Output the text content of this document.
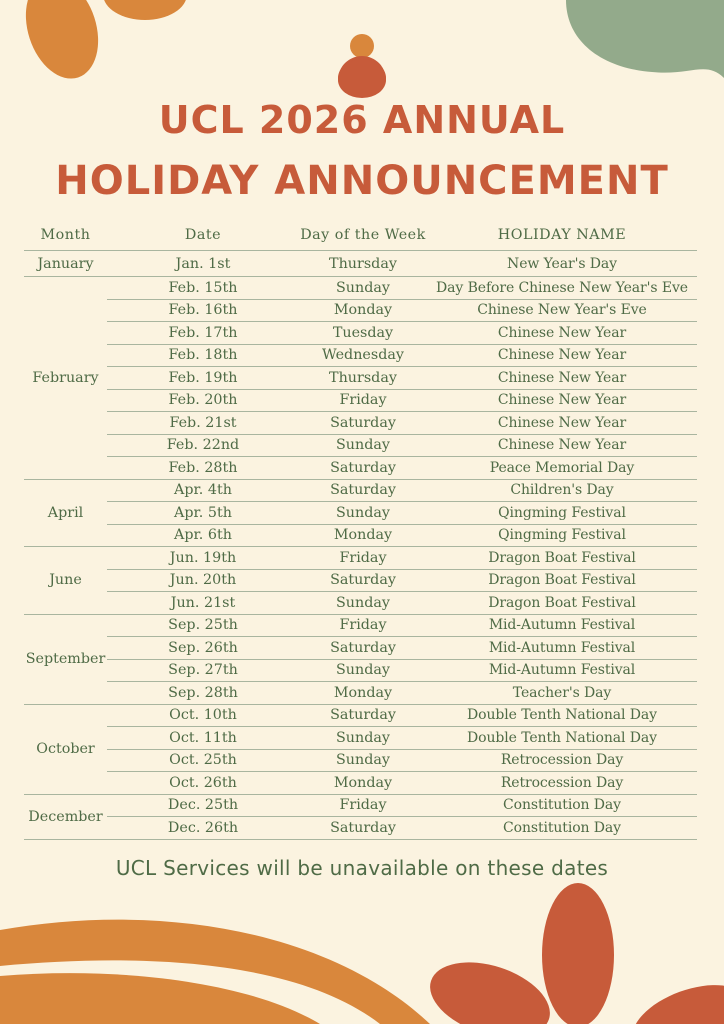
UCL 2026 ANNUAL
HOLIDAY ANNOUNCEMENT
Month	Date	Day of the Week	HOLIDAY NAME
January	Jan. 1st	Thursday	New Year's Day
February	Feb. 15th	Sunday	Day Before Chinese New Year's Eve
	Feb. 16th	Monday	Chinese New Year's Eve
	Feb. 17th	Tuesday	Chinese New Year
	Feb. 18th	Wednesday	Chinese New Year
	Feb. 19th	Thursday	Chinese New Year
	Feb. 20th	Friday	Chinese New Year
	Feb. 21st	Saturday	Chinese New Year
	Feb. 22nd	Sunday	Chinese New Year
	Feb. 28th	Saturday	Peace Memorial Day
April	Apr. 4th	Saturday	Children's Day
	Apr. 5th	Sunday	Qingming Festival
	Apr. 6th	Monday	Qingming Festival
June	Jun. 19th	Friday	Dragon Boat Festival
	Jun. 20th	Saturday	Dragon Boat Festival
	Jun. 21st	Sunday	Dragon Boat Festival
September	Sep. 25th	Friday	Mid-Autumn Festival
	Sep. 26th	Saturday	Mid-Autumn Festival
	Sep. 27th	Sunday	Mid-Autumn Festival
	Sep. 28th	Monday	Teacher's Day
October	Oct. 10th	Saturday	Double Tenth National Day
	Oct. 11th	Sunday	Double Tenth National Day
	Oct. 25th	Sunday	Retrocession Day
	Oct. 26th	Monday	Retrocession Day
December	Dec. 25th	Friday	Constitution Day
	Dec. 26th	Saturday	Constitution Day
UCL Services will be unavailable on these dates
